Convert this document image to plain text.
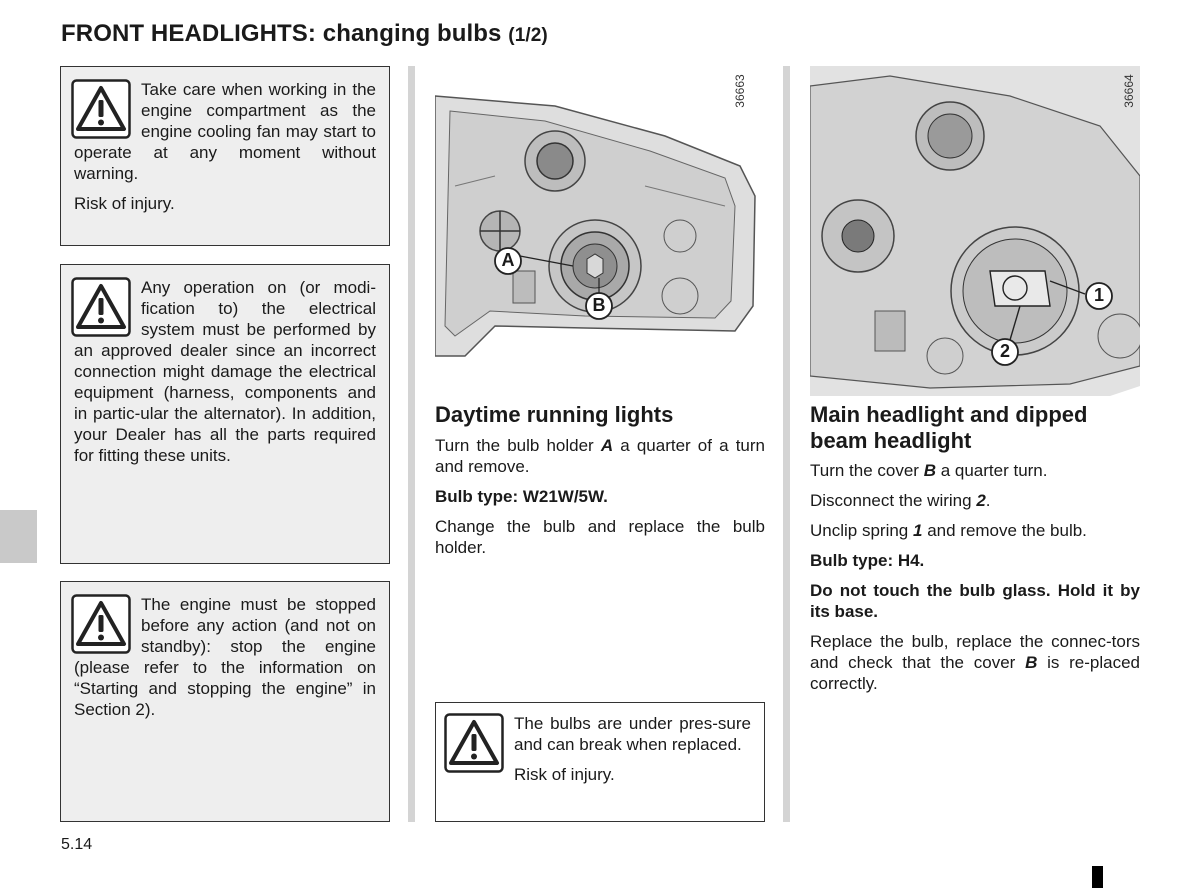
FRONT HEADLIGHTS: changing bulbs (1/2)

Take care when working in the engine compartment as the engine cooling fan may start to operate at any moment without warning.

Risk of injury.

Any operation on (or modi-fication to) the electrical system must be performed by an approved dealer since an incorrect connection might damage the electrical equipment (harness, components and in partic-ular the alternator). In addition, your Dealer has all the parts required for fitting these units.

The engine must be stopped before any action (and not on standby): stop the engine (please refer to the information on “Starting and stopping the engine” in Section 2).

A
B
36663
1
2
36664
Daytime running lights

Turn the bulb holder A a quarter of a turn and remove.

Bulb type: W21W/5W.

Change the bulb and replace the bulb holder.

Main headlight and dipped beam headlight

Turn the cover B a quarter turn.

Disconnect the wiring 2.

Unclip spring 1 and remove the bulb.

Bulb type: H4.

Do not touch the bulb glass. Hold it by its base.

Replace the bulb, replace the connec-tors and check that the cover B is re-placed correctly.

The bulbs are under pres-sure and can break when replaced.

Risk of injury.

5.14
